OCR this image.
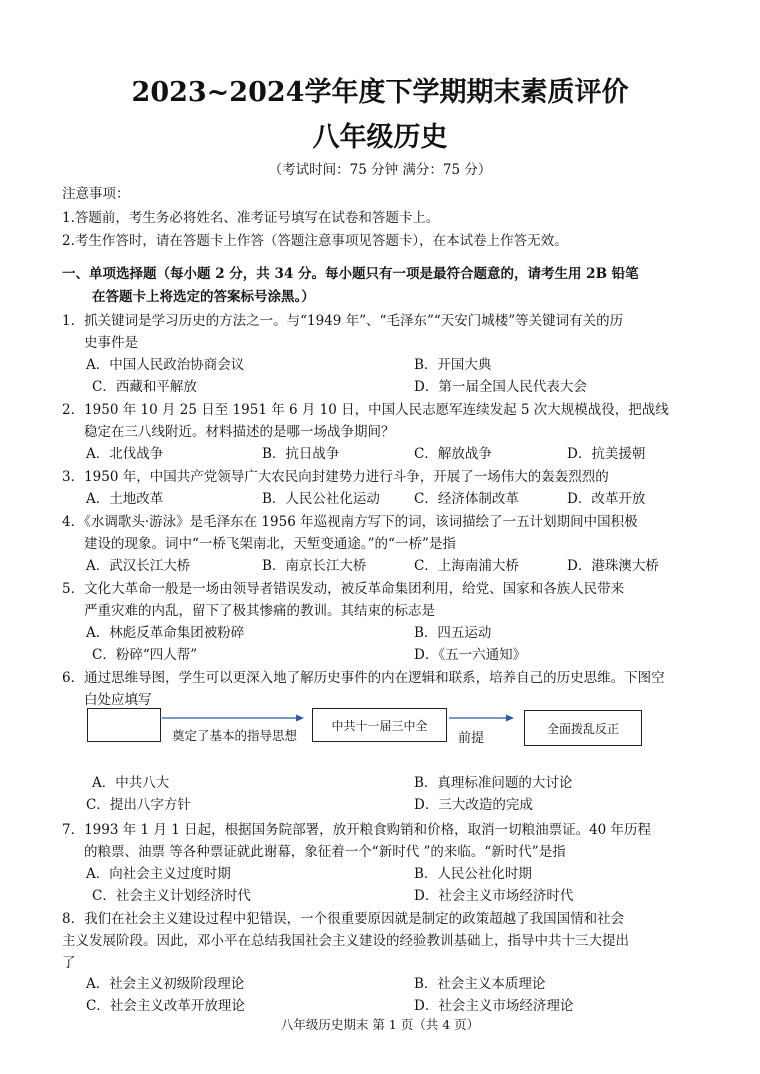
2023~2024学年度下学期期末素质评价
八年级历史
（考试时间：75 分钟 满分：75 分）
注意事项：
1.答题前，考生务必将姓名、准考证号填写在试卷和答题卡上。
2.考生作答时，请在答题卡上作答（答题注意事项见答题卡），在本试卷上作答无效。
一、单项选择题（每小题 2 分，共 34 分。每小题只有一项是最符合题意的，请考生用 2B 铅笔
在答题卡上将选定的答案标号涂黑。）
1．抓关键词是学习历史的方法之一。与“1949 年”、“毛泽东”“天安门城楼”等关键词有关的历
史事件是
A．中国人民政治协商会议	B．开国大典
C．西藏和平解放	D．第一届全国人民代表大会
2．1950 年 10 月 25 日至 1951 年 6 月 10 日，中国人民志愿军连续发起 5 次大规模战役，把战线
稳定在三八线附近。材料描述的是哪一场战争期间？
A．北伐战争	B．抗日战争	C．解放战争	D．抗美援朝
3．1950 年，中国共产党领导广大农民向封建势力进行斗争，开展了一场伟大的轰轰烈烈的
A．土地改革	B．人民公社化运动	C．经济体制改革	D．改革开放
4．《水调歌头·游泳》是毛泽东在 1956 年巡视南方写下的词，该词描绘了一五计划期间中国积极
建设的现象。词中“一桥飞架南北，天堑变通途。”的“一桥”是指
A．武汉长江大桥	B．南京长江大桥	C．上海南浦大桥	D．港珠澳大桥
5．文化大革命一般是一场由领导者错误发动，被反革命集团利用，给党、国家和各族人民带来
严重灾难的内乱，留下了极其惨痛的教训。其结束的标志是
A．林彪反革命集团被粉碎	B．四五运动
C．粉碎“四人帮”	D．《五一六通知》
6．通过思维导图，学生可以更深入地了解历史事件的内在逻辑和联系，培养自己的历史思维。下图空
白处应填写
中共十一届三中全	全面拨乱反正
奠定了基本的指导思想	前提
A．中共八大	B．真理标准问题的大讨论
C．提出八字方针	D．三大改造的完成
7．1993 年 1 月 1 日起，根据国务院部署，放开粮食购销和价格，取消一切粮油票证。40 年历程
的粮票、油票 等各种票证就此谢幕，象征着一个“新时代 ”的来临。“新时代”是指
A．向社会主义过度时期	B．人民公社化时期
C．社会主义计划经济时代	D．社会主义市场经济时代
8．我们在社会主义建设过程中犯错误，一个很重要原因就是制定的政策超越了我国国情和社会
主义发展阶段。因此，邓小平在总结我国社会主义建设的经验教训基础上，指导中共十三大提出
了
A．社会主义初级阶段理论	B．社会主义本质理论
C．社会主义改革开放理论	D．社会主义市场经济理论
八年级历史期末 第 1 页（共 4 页）
